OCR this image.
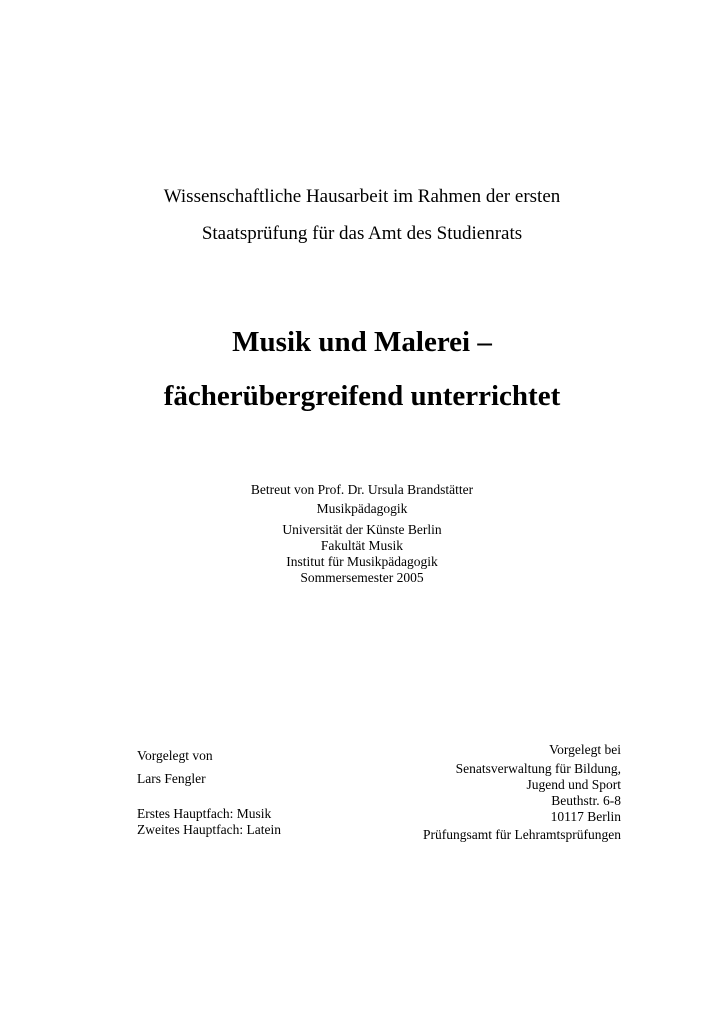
Wissenschaftliche Hausarbeit im Rahmen der ersten
Staatsprüfung für das Amt des Studienrats
Musik und Malerei –
fächerübergreifend unterrichtet
Betreut von Prof. Dr. Ursula Brandstätter
Musikpädagogik
Universität der Künste Berlin
Fakultät Musik
Institut für Musikpädagogik
Sommersemester 2005
Vorgelegt von
Lars Fengler
Erstes Hauptfach: Musik
Zweites Hauptfach: Latein
Vorgelegt bei
Senatsverwaltung für Bildung,
Jugend und Sport
Beuthstr. 6-8
10117 Berlin
Prüfungsamt für Lehramtsprüfungen
